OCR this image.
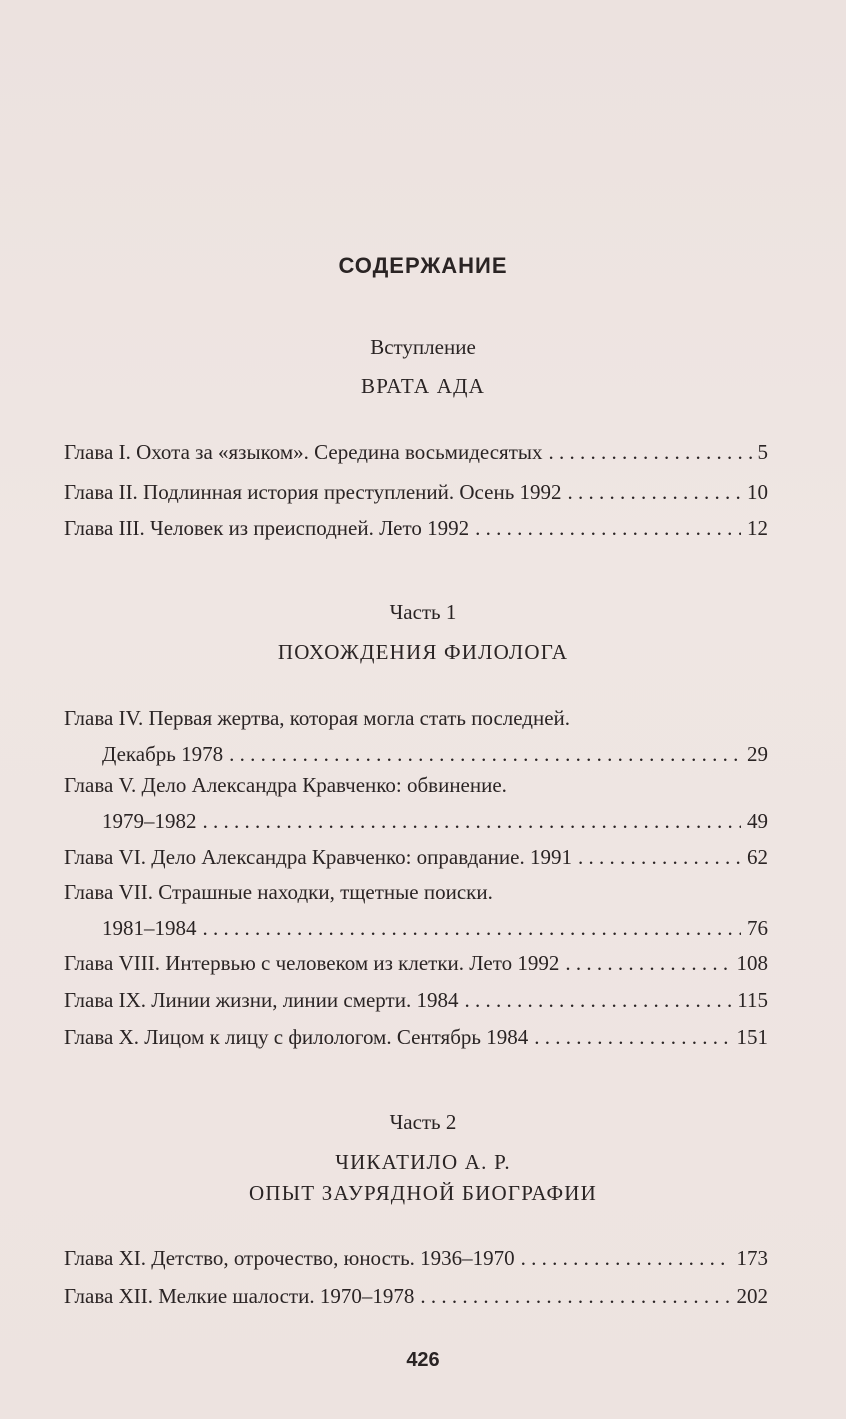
СОДЕРЖАНИЕ
Вступление
ВРАТА АДА
Глава I. Охота за «языком». Середина восьмидесятых . . .	5
Глава II. Подлинная история преступлений. Осень 1992 . . .	10
Глава III. Человек из преисподней. Лето 1992 . . .	12
Часть 1
ПОХОЖДЕНИЯ ФИЛОЛОГА
Глава IV. Первая жертва, которая могла стать последней.
Декабрь 1978 . . .	29
Глава V. Дело Александра Кравченко: обвинение.
1979–1982 . . .	49
Глава VI. Дело Александра Кравченко: оправдание. 1991 . . .	62
Глава VII. Страшные находки, тщетные поиски.
1981–1984 . . .	76
Глава VIII. Интервью с человеком из клетки. Лето 1992 . . .	108
Глава IX. Линии жизни, линии смерти. 1984 . . .	115
Глава X. Лицом к лицу с филологом. Сентябрь 1984 . . .	151
Часть 2
ЧИКАТИЛО А. Р.
ОПЫТ ЗАУРЯДНОЙ БИОГРАФИИ
Глава XI. Детство, отрочество, юность. 1936–1970 . . .	173
Глава XII. Мелкие шалости. 1970–1978 . . .	202
426
